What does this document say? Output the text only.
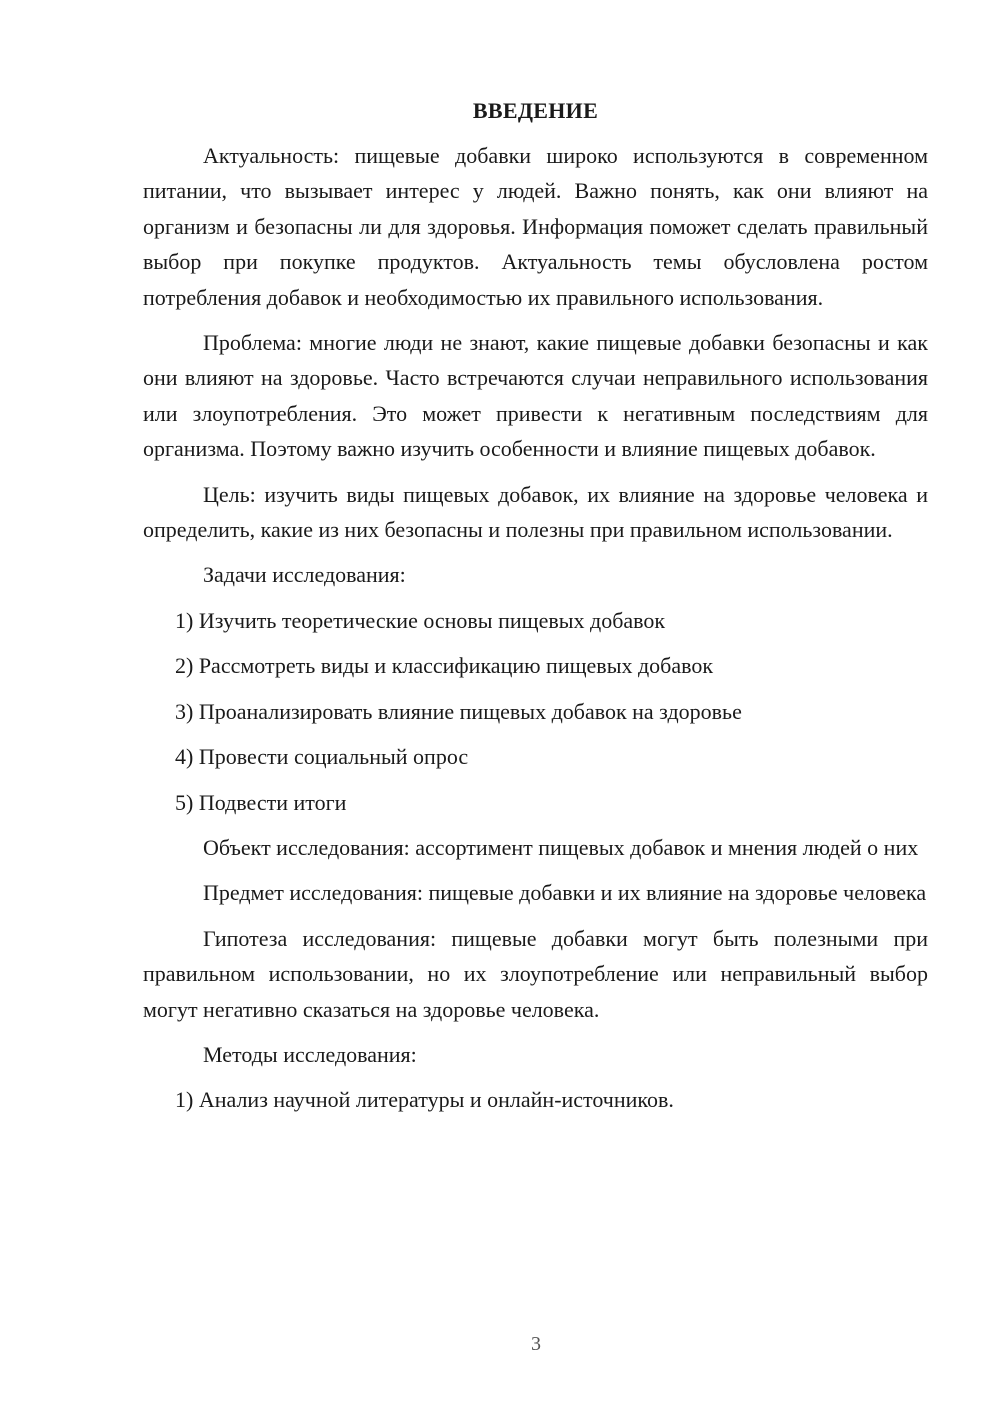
ВВЕДЕНИЕ

Актуальность: пищевые добавки широко используются в современном питании, что вызывает интерес у людей. Важно понять, как они влияют на организм и безопасны ли для здоровья. Информация поможет сделать правильный выбор при покупке продуктов. Актуальность темы обусловлена ростом потребления добавок и необходимостью их правильного использования.

Проблема: многие люди не знают, какие пищевые добавки безопасны и как они влияют на здоровье. Часто встречаются случаи неправильного использования или злоупотребления. Это может привести к негативным последствиям для организма. Поэтому важно изучить особенности и влияние пищевых добавок.

Цель: изучить виды пищевых добавок, их влияние на здоровье человека и определить, какие из них безопасны и полезны при правильном использовании.

Задачи исследования:

1) Изучить теоретические основы пищевых добавок
2) Рассмотреть виды и классификацию пищевых добавок
3) Проанализировать влияние пищевых добавок на здоровье
4) Провести социальный опрос
5) Подвести итоги

Объект исследования: ассортимент пищевых добавок и мнения людей о них

Предмет исследования: пищевые добавки и их влияние на здоровье человека

Гипотеза исследования: пищевые добавки могут быть полезными при правильном использовании, но их злоупотребление или неправильный выбор могут негативно сказаться на здоровье человека.

Методы исследования:

1) Анализ научной литературы и онлайн-источников.
3
